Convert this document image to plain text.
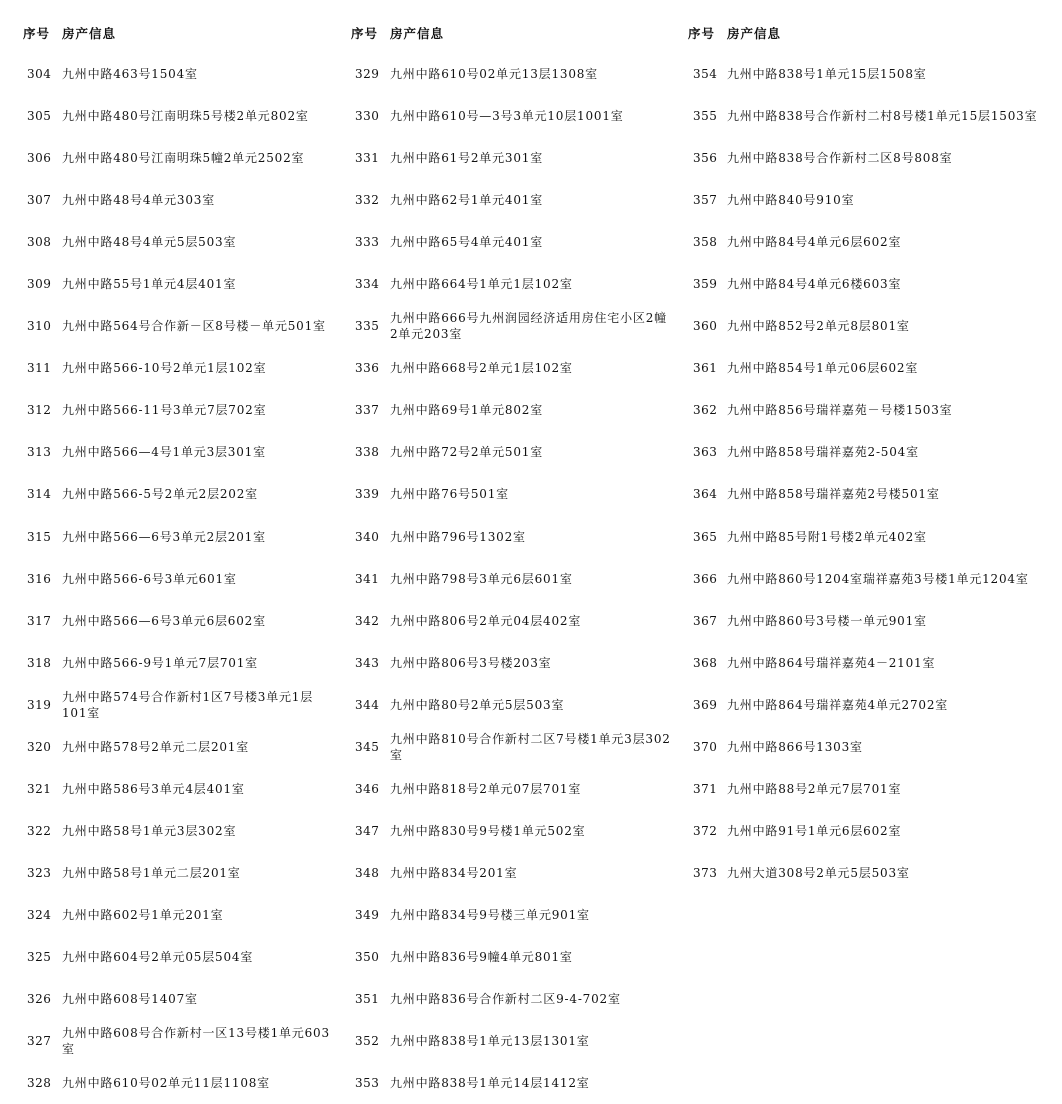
序号 房产信息
304 九州中路463号1504室
305 九州中路480号江南明珠5号楼2单元802室
306 九州中路480号江南明珠5幢2单元2502室
307 九州中路48号4单元303室
308 九州中路48号4单元5层503室
309 九州中路55号1单元4层401室
310 九州中路564号合作新－区8号楼－单元501室
311 九州中路566-10号2单元1层102室
312 九州中路566-11号3单元7层702室
313 九州中路566—4号1单元3层301室
314 九州中路566-5号2单元2层202室
315 九州中路566—6号3单元2层201室
316 九州中路566-6号3单元601室
317 九州中路566—6号3单元6层602室
318 九州中路566-9号1单元7层701室
319
九州中路574号合作新村1区7号楼3单元1层101室
320 九州中路578号2单元二层201室
321 九州中路586号3单元4层401室
322 九州中路58号1单元3层302室
323 九州中路58号1单元二层201室
324 九州中路602号1单元201室
325 九州中路604号2单元05层504室
326 九州中路608号1407室
327
九州中路608号合作新村一区13号楼1单元603室
328 九州中路610号02单元11层1108室
序号 房产信息
329 九州中路610号02单元13层1308室
330 九州中路610号—3号3单元10层1001室
331 九州中路61号2单元301室
332 九州中路62号1单元401室
333 九州中路65号4单元401室
334 九州中路664号1单元1层102室
335
九州中路666号九州润园经济适用房住宅小区2幢2单元203室
336 九州中路668号2单元1层102室
337 九州中路69号1单元802室
338 九州中路72号2单元501室
339 九州中路76号501室
340 九州中路796号1302室
341 九州中路798号3单元6层601室
342 九州中路806号2单元04层402室
343 九州中路806号3号楼203室
344 九州中路80号2单元5层503室
345
九州中路810号合作新村二区7号楼1单元3层302室
346 九州中路818号2单元07层701室
347 九州中路830号9号楼1单元502室
348 九州中路834号201室
349 九州中路834号9号楼三单元901室
350 九州中路836号9幢4单元801室
351 九州中路836号合作新村二区9-4-702室
352 九州中路838号1单元13层1301室
353 九州中路838号1单元14层1412室
序号 房产信息
354 九州中路838号1单元15层1508室
355 九州中路838号合作新村二村8号楼1单元15层1503室
356 九州中路838号合作新村二区8号808室
357 九州中路840号910室
358 九州中路84号4单元6层602室
359 九州中路84号4单元6楼603室
360 九州中路852号2单元8层801室
361 九州中路854号1单元06层602室
362 九州中路856号瑞祥嘉苑－号楼1503室
363 九州中路858号瑞祥嘉苑2-504室
364 九州中路858号瑞祥嘉苑2号楼501室
365 九州中路85号附1号楼2单元402室
366 九州中路860号1204室瑞祥嘉苑3号楼1单元1204室
367 九州中路860号3号楼一单元901室
368 九州中路864号瑞祥嘉苑4－2101室
369 九州中路864号瑞祥嘉苑4单元2702室
370 九州中路866号1303室
371 九州中路88号2单元7层701室
372 九州中路91号1单元6层602室
373 九州大道308号2单元5层503室
